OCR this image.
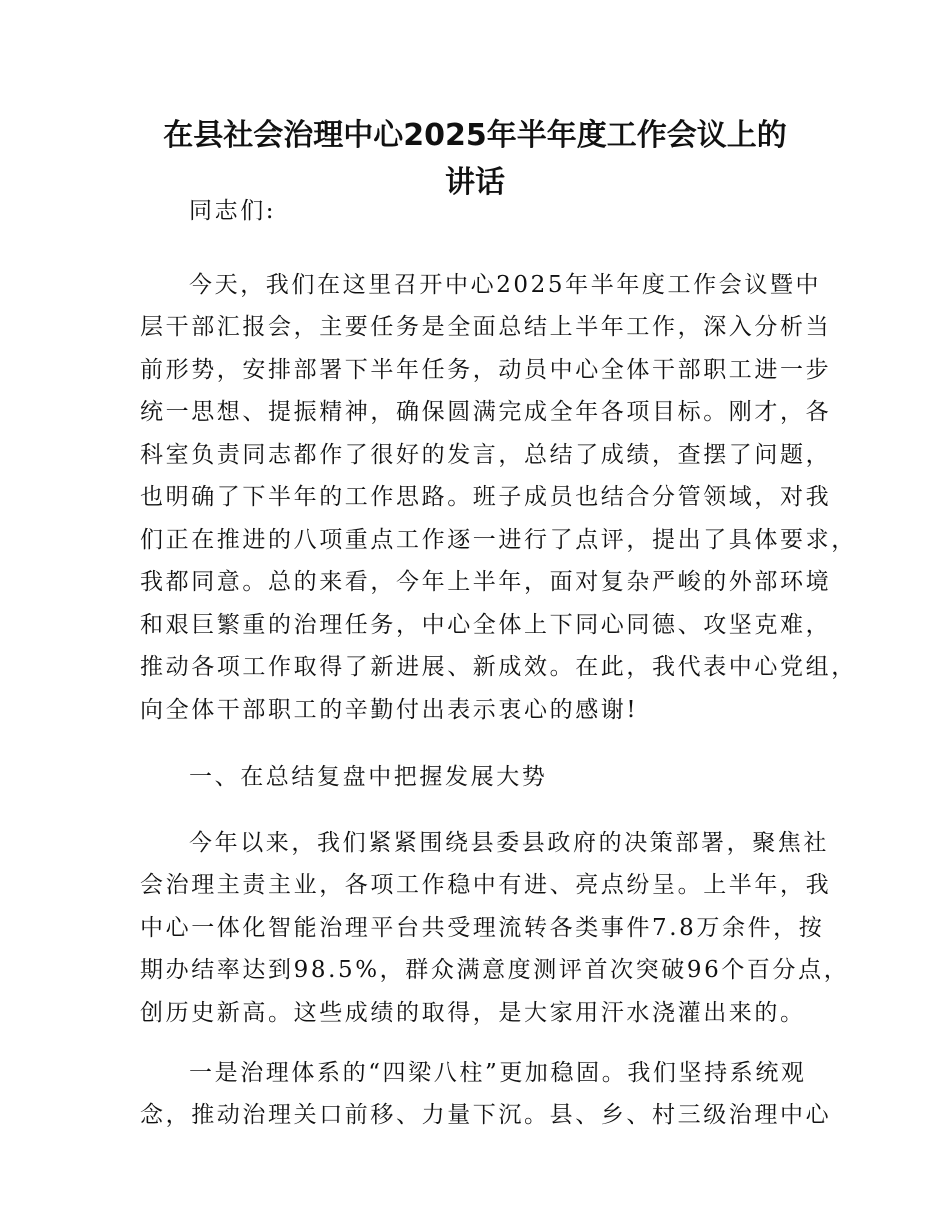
在县社会治理中心2025年半年度工作会议上的
讲话
同志们:
今天，我们在这里召开中心2025年半年度工作会议暨中
层干部汇报会，主要任务是全面总结上半年工作，深入分析当
前形势，安排部署下半年任务，动员中心全体干部职工进一步
统一思想、提振精神，确保圆满完成全年各项目标。刚才，各
科室负责同志都作了很好的发言，总结了成绩，查摆了问题，
也明确了下半年的工作思路。班子成员也结合分管领域，对我
们正在推进的八项重点工作逐一进行了点评，提出了具体要求，
我都同意。总的来看，今年上半年，面对复杂严峻的外部环境
和艰巨繁重的治理任务，中心全体上下同心同德、攻坚克难，
推动各项工作取得了新进展、新成效。在此，我代表中心党组，
向全体干部职工的辛勤付出表示衷心的感谢!
一、在总结复盘中把握发展大势
今年以来，我们紧紧围绕县委县政府的决策部署，聚焦社
会治理主责主业，各项工作稳中有进、亮点纷呈。上半年，我
中心一体化智能治理平台共受理流转各类事件7.8万余件，按
期办结率达到98.5%，群众满意度测评首次突破96个百分点，
创历史新高。这些成绩的取得，是大家用汗水浇灌出来的。
一是治理体系的“四梁八柱”更加稳固。我们坚持系统观
念，推动治理关口前移、力量下沉。县、乡、村三级治理中心
